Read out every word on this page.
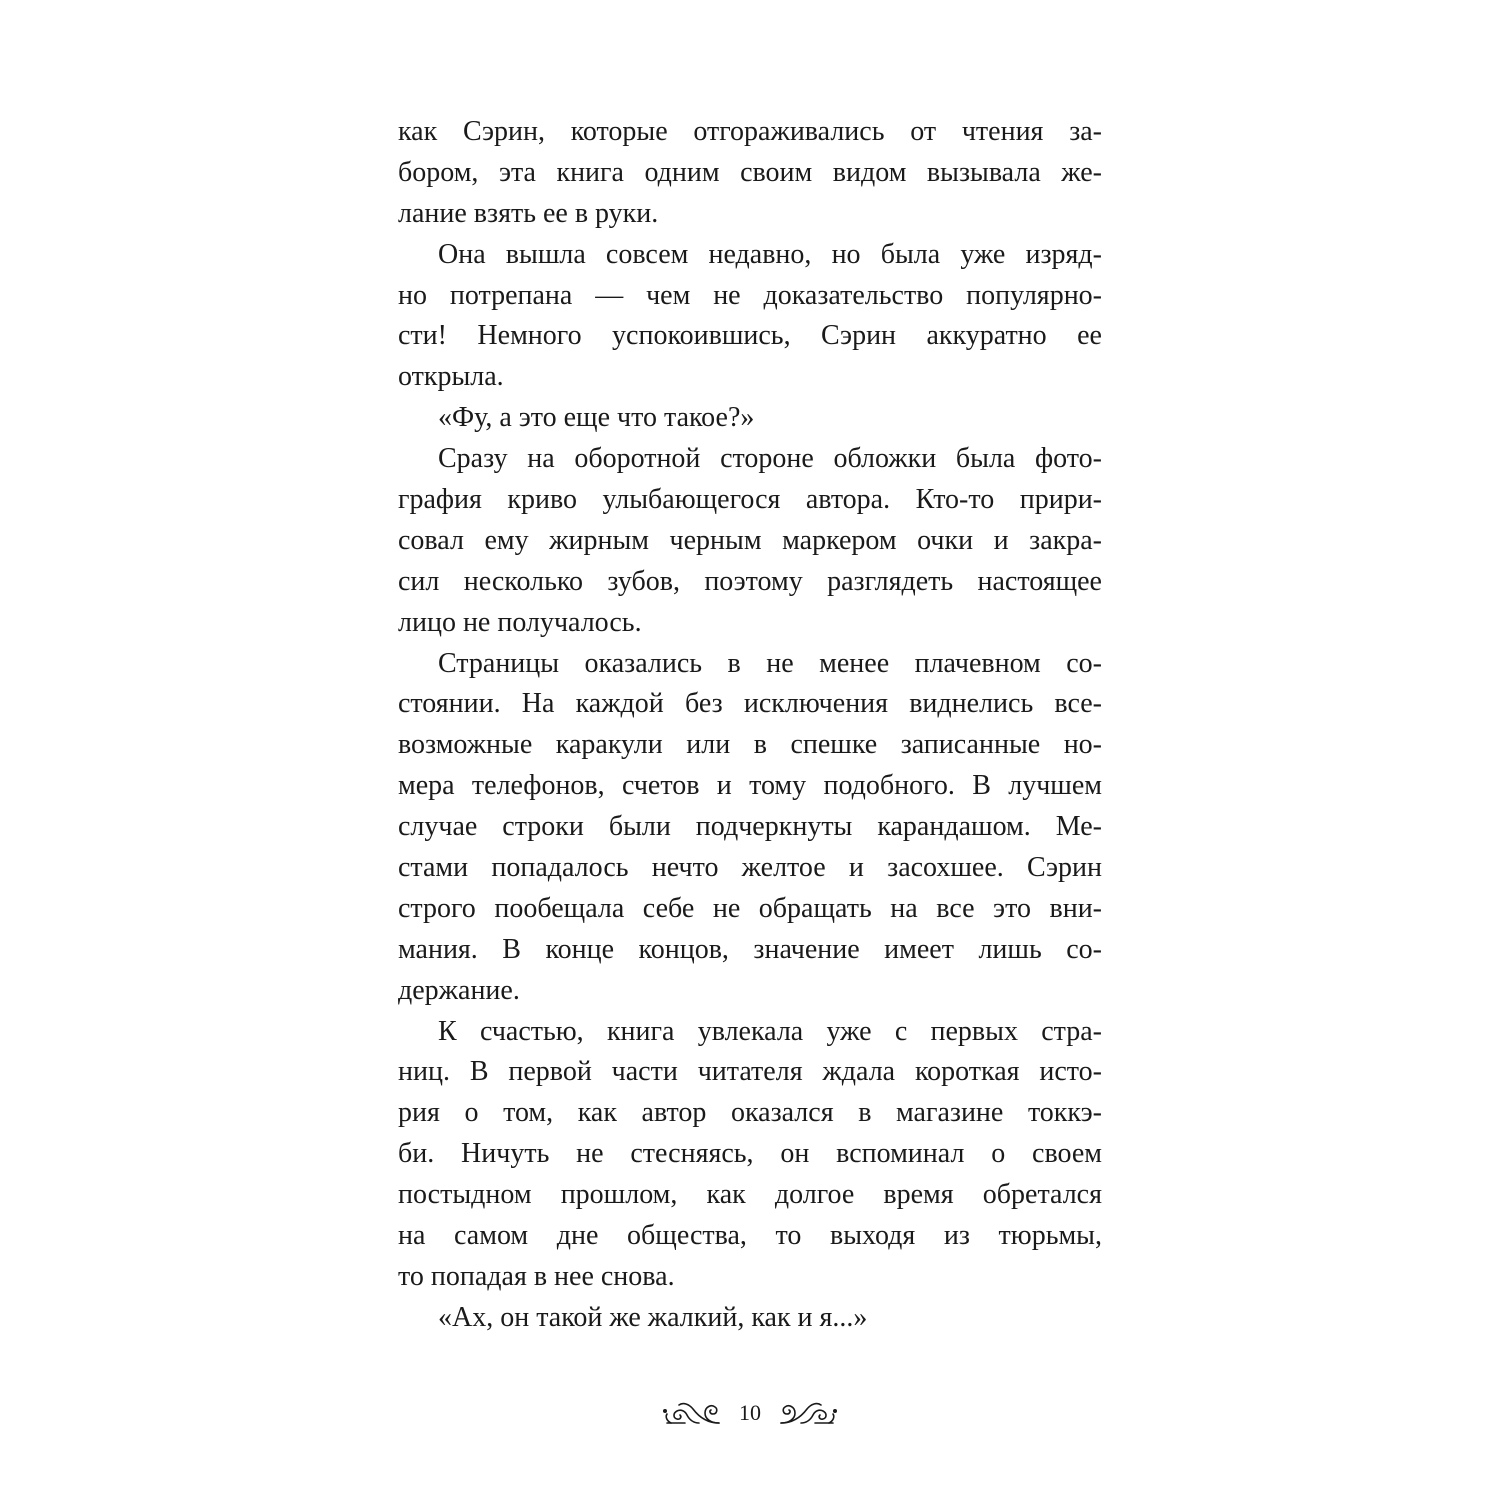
как Сэрин, которые отгораживались от чтения за-
бором, эта книга одним своим видом вызывала же-
лание взять ее в руки.
Она вышла совсем недавно, но была уже изряд-
но потрепана — чем не доказательство популярно-
сти! Немного успокоившись, Сэрин аккуратно ее
открыла.
«Фу, а это еще что такое?»
Сразу на оборотной стороне обложки была фото-
графия криво улыбающегося автора. Кто-то прири-
совал ему жирным черным маркером очки и закра-
сил несколько зубов, поэтому разглядеть настоящее
лицо не получалось.
Страницы оказались в не менее плачевном со-
стоянии. На каждой без исключения виднелись все-
возможные каракули или в спешке записанные но-
мера телефонов, счетов и тому подобного. В лучшем
случае строки были подчеркнуты карандашом. Ме-
стами попадалось нечто желтое и засохшее. Сэрин
строго пообещала себе не обращать на все это вни-
мания. В конце концов, значение имеет лишь со-
держание.
К счастью, книга увлекала уже с первых стра-
ниц. В первой части читателя ждала короткая исто-
рия о том, как автор оказался в магазине токкэ-
би. Ничуть не стесняясь, он вспоминал о своем
постыдном прошлом, как долгое время обретался
на самом дне общества, то выходя из тюрьмы,
то попадая в нее снова.
«Ах, он такой же жалкий, как и я...»
10
